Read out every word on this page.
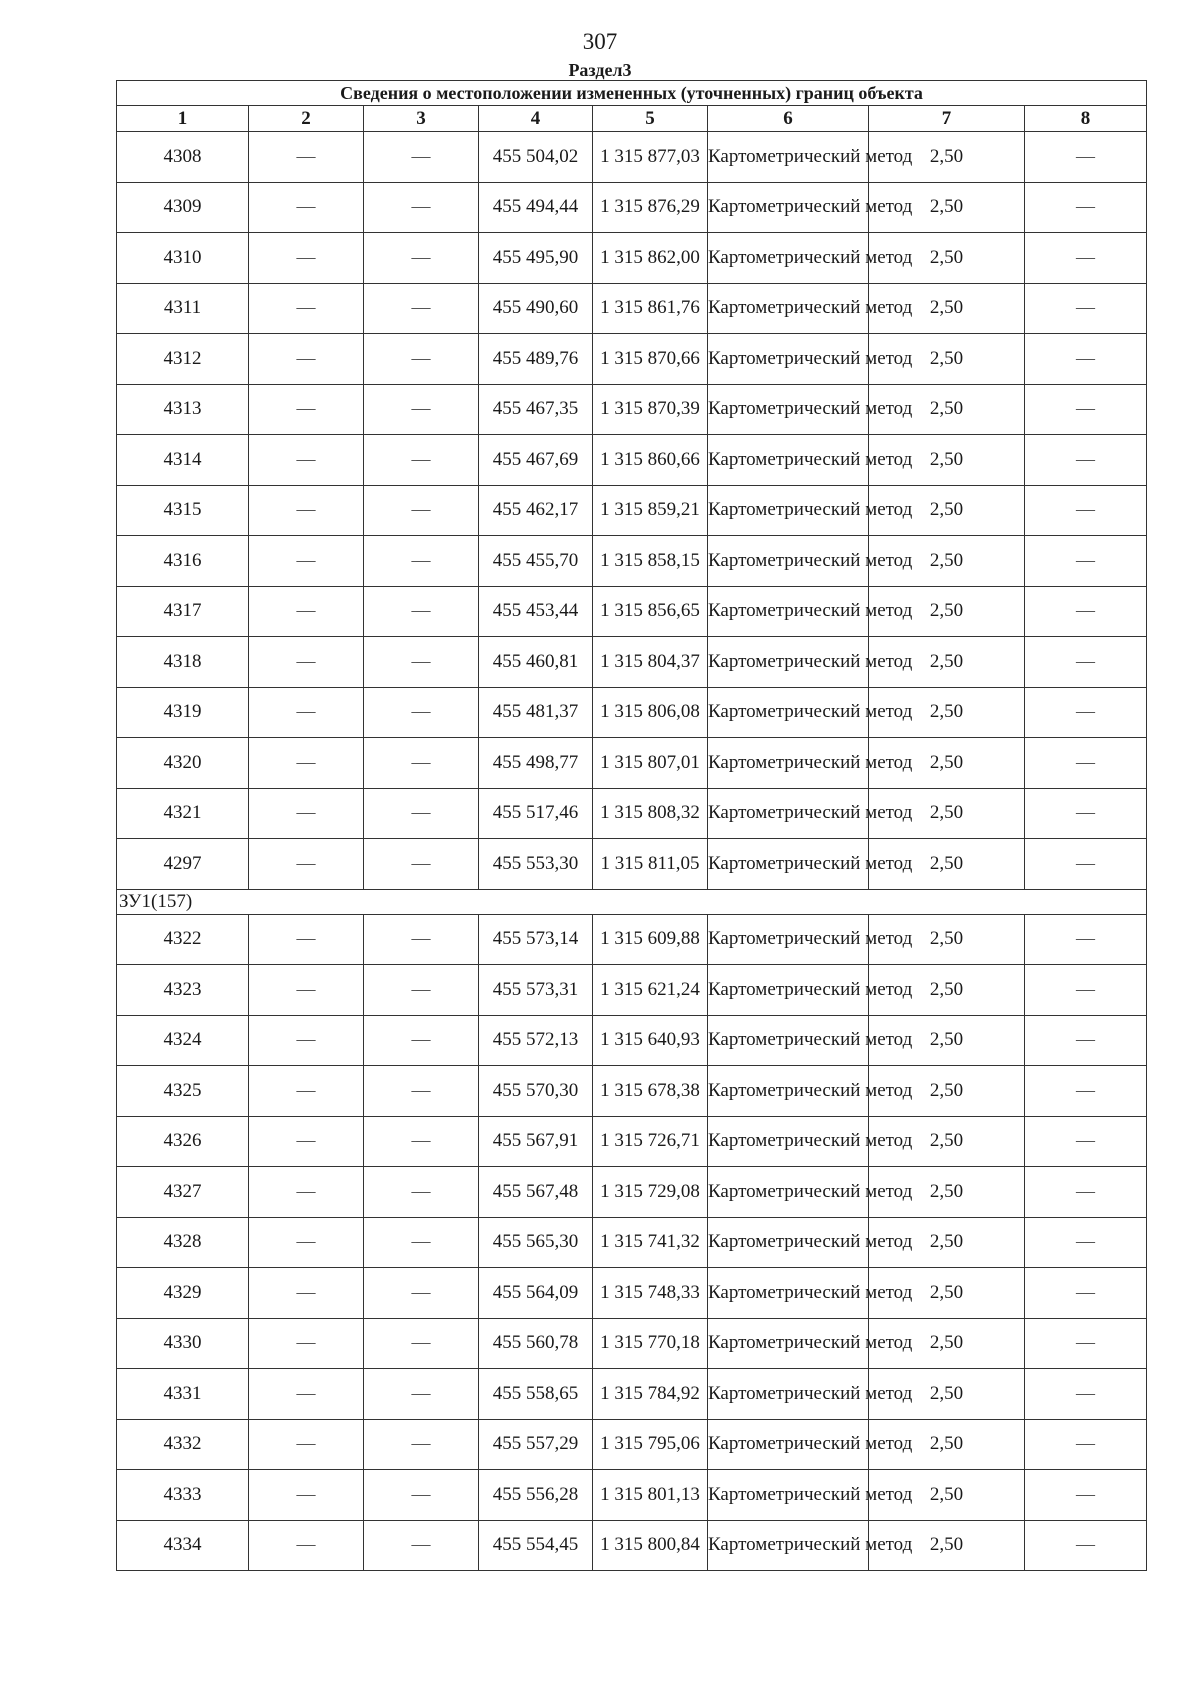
307
Раздел3
Сведения о местоположении измененных (уточненных) границ объекта							
1	2	3	4	5	6	7	8
4308	—	—	455 504,02	1 315 877,03	Картометрический метод	2,50	—
4309	—	—	455 494,44	1 315 876,29	Картометрический метод	2,50	—
4310	—	—	455 495,90	1 315 862,00	Картометрический метод	2,50	—
4311	—	—	455 490,60	1 315 861,76	Картометрический метод	2,50	—
4312	—	—	455 489,76	1 315 870,66	Картометрический метод	2,50	—
4313	—	—	455 467,35	1 315 870,39	Картометрический метод	2,50	—
4314	—	—	455 467,69	1 315 860,66	Картометрический метод	2,50	—
4315	—	—	455 462,17	1 315 859,21	Картометрический метод	2,50	—
4316	—	—	455 455,70	1 315 858,15	Картометрический метод	2,50	—
4317	—	—	455 453,44	1 315 856,65	Картометрический метод	2,50	—
4318	—	—	455 460,81	1 315 804,37	Картометрический метод	2,50	—
4319	—	—	455 481,37	1 315 806,08	Картометрический метод	2,50	—
4320	—	—	455 498,77	1 315 807,01	Картометрический метод	2,50	—
4321	—	—	455 517,46	1 315 808,32	Картометрический метод	2,50	—
4297	—	—	455 553,30	1 315 811,05	Картометрический метод	2,50	—
ЗУ1(157)							
4322	—	—	455 573,14	1 315 609,88	Картометрический метод	2,50	—
4323	—	—	455 573,31	1 315 621,24	Картометрический метод	2,50	—
4324	—	—	455 572,13	1 315 640,93	Картометрический метод	2,50	—
4325	—	—	455 570,30	1 315 678,38	Картометрический метод	2,50	—
4326	—	—	455 567,91	1 315 726,71	Картометрический метод	2,50	—
4327	—	—	455 567,48	1 315 729,08	Картометрический метод	2,50	—
4328	—	—	455 565,30	1 315 741,32	Картометрический метод	2,50	—
4329	—	—	455 564,09	1 315 748,33	Картометрический метод	2,50	—
4330	—	—	455 560,78	1 315 770,18	Картометрический метод	2,50	—
4331	—	—	455 558,65	1 315 784,92	Картометрический метод	2,50	—
4332	—	—	455 557,29	1 315 795,06	Картометрический метод	2,50	—
4333	—	—	455 556,28	1 315 801,13	Картометрический метод	2,50	—
4334	—	—	455 554,45	1 315 800,84	Картометрический метод	2,50	—
